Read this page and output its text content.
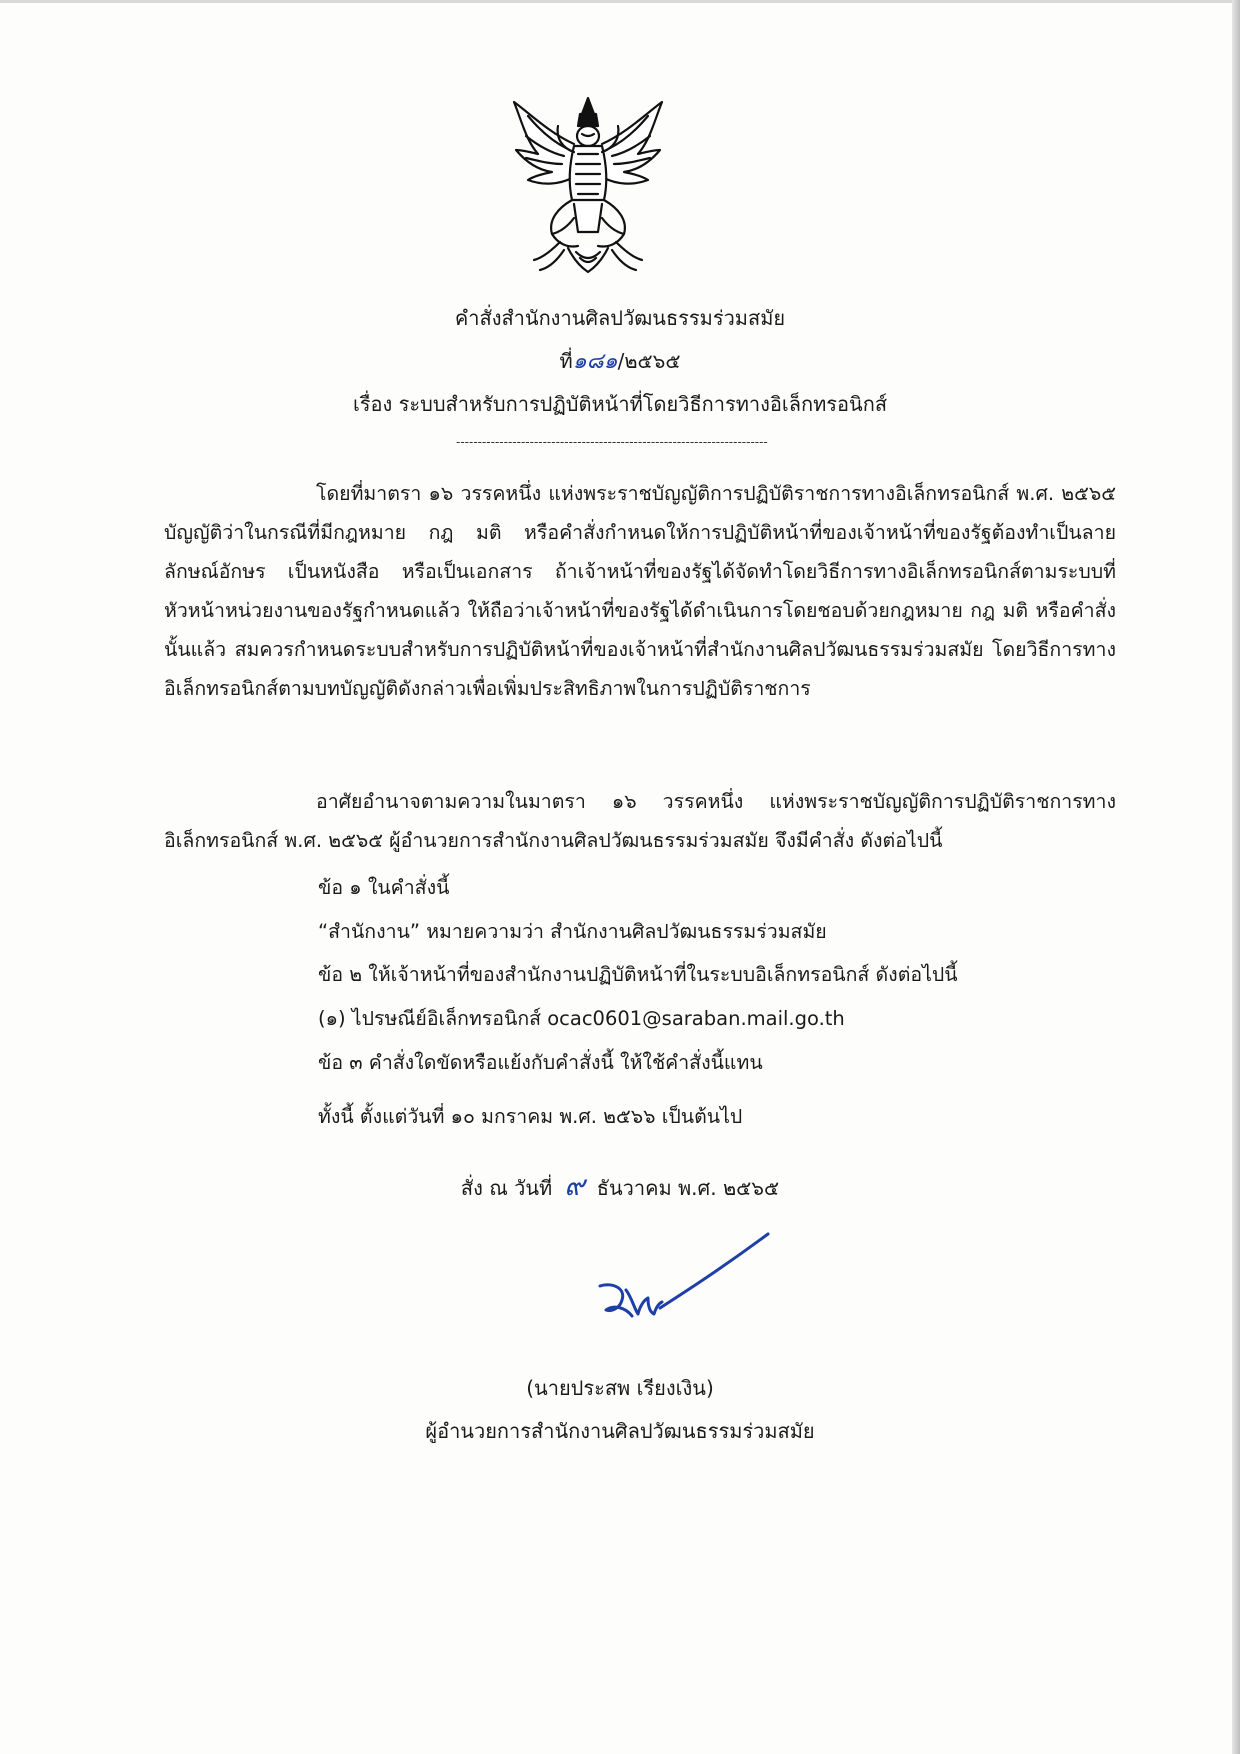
คำสั่งสำนักงานศิลปวัฒนธรรมร่วมสมัย
ที่๑๘๑/๒๕๖๕
เรื่อง ระบบสำหรับการปฏิบัติหน้าที่โดยวิธีการทางอิเล็กทรอนิกส์
------------------------------------------------------------------------
โดยที่มาตรา ๑๖ วรรคหนึ่ง แห่งพระราชบัญญัติการปฏิบัติราชการทางอิเล็กทรอนิกส์ พ.ศ. ๒๕๖๕ บัญญัติว่าในกรณีที่มีกฎหมาย กฎ มติ หรือคำสั่งกำหนดให้การปฏิบัติหน้าที่ของเจ้าหน้าที่ของรัฐต้องทำเป็นลายลักษณ์อักษร เป็นหนังสือ หรือเป็นเอกสาร ถ้าเจ้าหน้าที่ของรัฐได้จัดทำโดยวิธีการทางอิเล็กทรอนิกส์ตามระบบที่หัวหน้าหน่วยงานของรัฐกำหนดแล้ว ให้ถือว่าเจ้าหน้าที่ของรัฐได้ดำเนินการโดยชอบด้วยกฎหมาย กฎ มติ หรือคำสั่งนั้นแล้ว สมควรกำหนดระบบสำหรับการปฏิบัติหน้าที่ของเจ้าหน้าที่สำนักงานศิลปวัฒนธรรมร่วมสมัย โดยวิธีการทางอิเล็กทรอนิกส์ตามบทบัญญัติดังกล่าวเพื่อเพิ่มประสิทธิภาพในการปฏิบัติราชการ
อาศัยอำนาจตามความในมาตรา ๑๖ วรรคหนึ่ง แห่งพระราชบัญญัติการปฏิบัติราชการทางอิเล็กทรอนิกส์ พ.ศ. ๒๕๖๕ ผู้อำนวยการสำนักงานศิลปวัฒนธรรมร่วมสมัย จึงมีคำสั่ง ดังต่อไปนี้
ข้อ ๑ ในคำสั่งนี้
“สำนักงาน” หมายความว่า สำนักงานศิลปวัฒนธรรมร่วมสมัย
ข้อ ๒ ให้เจ้าหน้าที่ของสำนักงานปฏิบัติหน้าที่ในระบบอิเล็กทรอนิกส์ ดังต่อไปนี้
(๑) ไปรษณีย์อิเล็กทรอนิกส์ ocac0601@saraban.mail.go.th
ข้อ ๓ คำสั่งใดขัดหรือแย้งกับคำสั่งนี้ ให้ใช้คำสั่งนี้แทน
ทั้งนี้ ตั้งแต่วันที่ ๑๐ มกราคม พ.ศ. ๒๕๖๖ เป็นต้นไป
สั่ง ณ วันที่ ๙ ธันวาคม พ.ศ. ๒๕๖๕
(นายประสพ เรียงเงิน)
ผู้อำนวยการสำนักงานศิลปวัฒนธรรมร่วมสมัย
